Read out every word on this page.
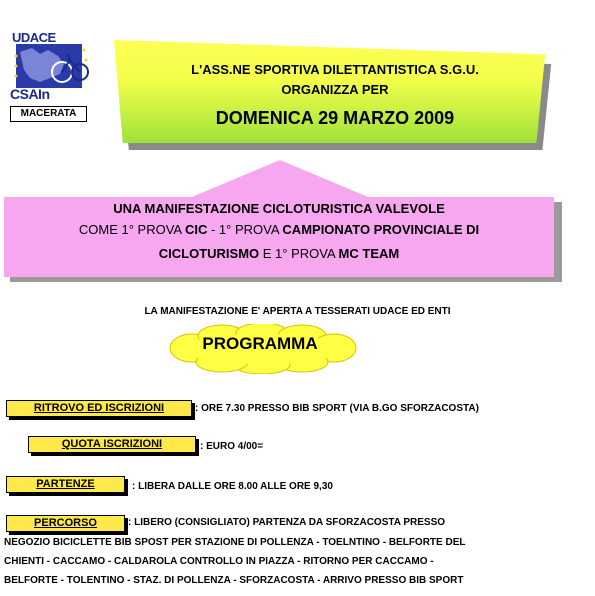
UDACE
CSAIn
MACERATA
L'ASS.NE SPORTIVA DILETTANTISTICA S.G.U.
ORGANIZZA PER
DOMENICA 29 MARZO 2009
UNA MANIFESTAZIONE CICLOTURISTICA VALEVOLE
COME 1° PROVA CIC - 1° PROVA CAMPIONATO PROVINCIALE DI
CICLOTURISMO E 1° PROVA MC TEAM
LA MANIFESTAZIONE E' APERTA A TESSERATI UDACE ED ENTI
PROGRAMMA
RITROVO ED ISCRIZIONI	: ORE 7.30 PRESSO BIB SPORT (VIA B.GO SFORZACOSTA)
QUOTA ISCRIZIONI	: EURO 4/00=
PARTENZE	: LIBERA DALLE ORE 8.00 ALLE ORE 9,30
PERCORSO	: LIBERO (CONSIGLIATO) PARTENZA DA SFORZACOSTA PRESSO
NEGOZIO BICICLETTE BIB SPOST PER STAZIONE DI POLLENZA - TOELNTINO - BELFORTE DEL
CHIENTI - CACCAMO - CALDAROLA CONTROLLO IN PIAZZA - RITORNO PER CACCAMO -
BELFORTE - TOLENTINO - STAZ. DI POLLENZA - SFORZACOSTA - ARRIVO PRESSO BIB SPORT
